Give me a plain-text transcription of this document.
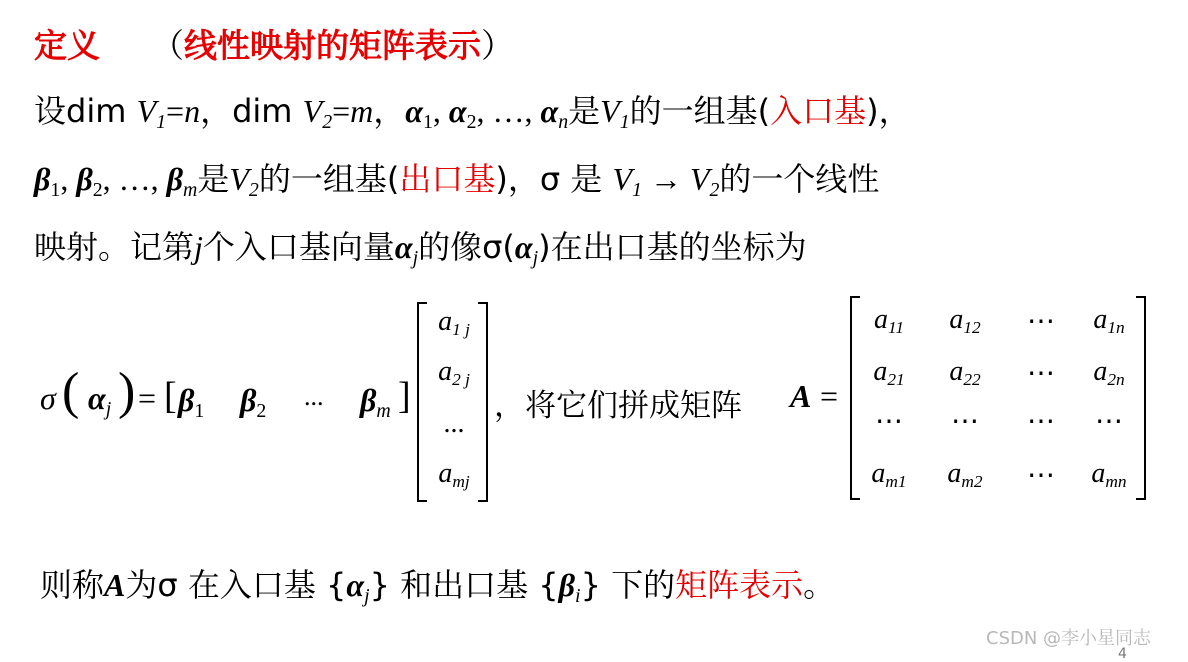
定义 （线性映射的矩阵表示）
设dim $V_1=n$，dim $V_2=m$，$\alpha_1$, $\alpha_2$, …, $\alpha_n$是$V_1$的一组基(入口基)，
$\beta_1$, $\beta_2$, …, $\beta_m$是$V_2$的一组基(出口基)，σ 是 $V_1 \to V_2$的一个线性
映射。记第j个入口基向量$\alpha_j$的像$\sigma(\alpha_j)$在出口基的坐标为
σ ( $\alpha_j$ ) = [ $\beta_1$ $\beta_2$ ... $\beta_m$ ]
$a_{1 j}$
$a_{2 j}$
...
$a_{mj}$
，将它们拼成矩阵 A =
$a_{11}$	$a_{12}$	⋯	$a_{1n}$
$a_{21}$	$a_{22}$	⋯	$a_{2n}$
⋯	⋯	⋯	⋯
$a_{m1}$	$a_{m2}$	⋯	$a_{mn}$
则称A为σ 在入口基 $\{\alpha_j\}$ 和出口基 $\{\beta_i\}$ 下的矩阵表示。
CSDN @李小星同志
4
